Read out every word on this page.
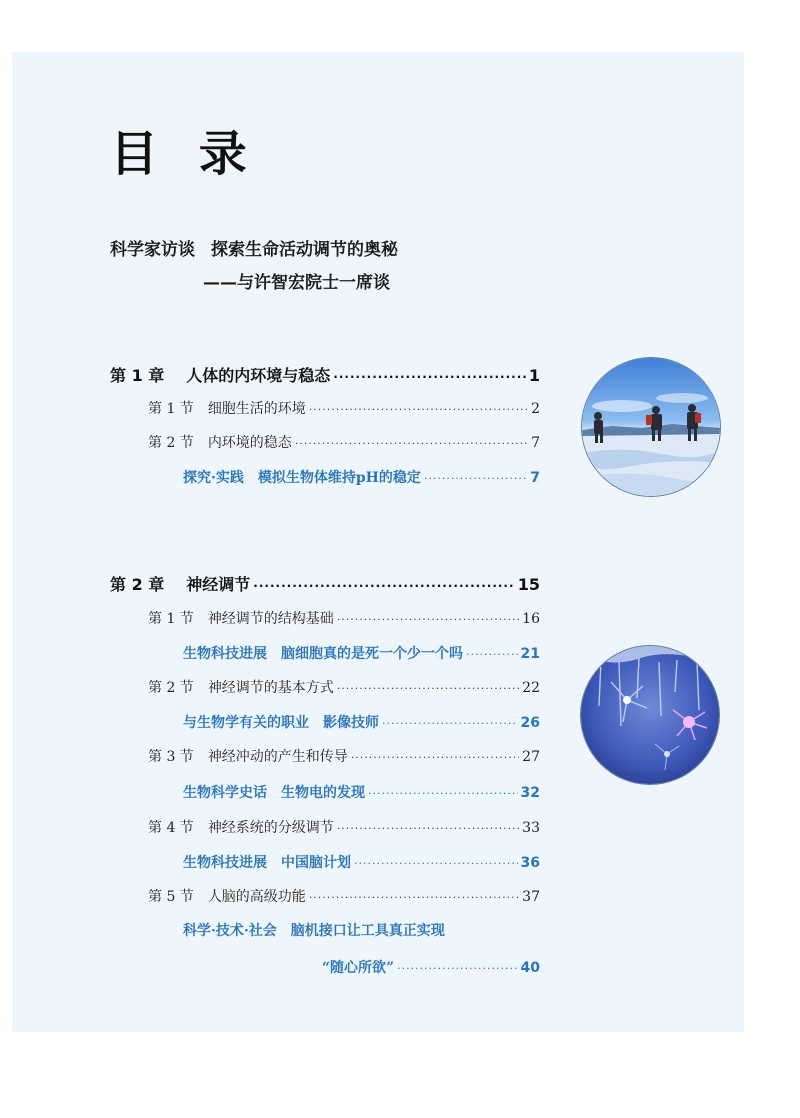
目 录
科学家访谈 探索生命活动调节的奥秘
——与许智宏院士一席谈
第 1 章 人体的内环境与稳态 ·····	1
第 1 节 细胞生活的环境 ·····	2
第 2 节 内环境的稳态 ·····	7
探究·实践 模拟生物体维持pH的稳定 ·····	7
第 2 章 神经调节 ·····	15
第 1 节 神经调节的结构基础 ·····	16
生物科技进展 脑细胞真的是死一个少一个吗 ·····	21
第 2 节 神经调节的基本方式 ·····	22
与生物学有关的职业 影像技师 ·····	26
第 3 节 神经冲动的产生和传导 ·····	27
生物科学史话 生物电的发现 ·····	32
第 4 节 神经系统的分级调节 ·····	33
生物科技进展 中国脑计划 ·····	36
第 5 节 人脑的高级功能 ·····	37
科学·技术·社会 脑机接口让工具真正实现
“随心所欲” ·····	40
